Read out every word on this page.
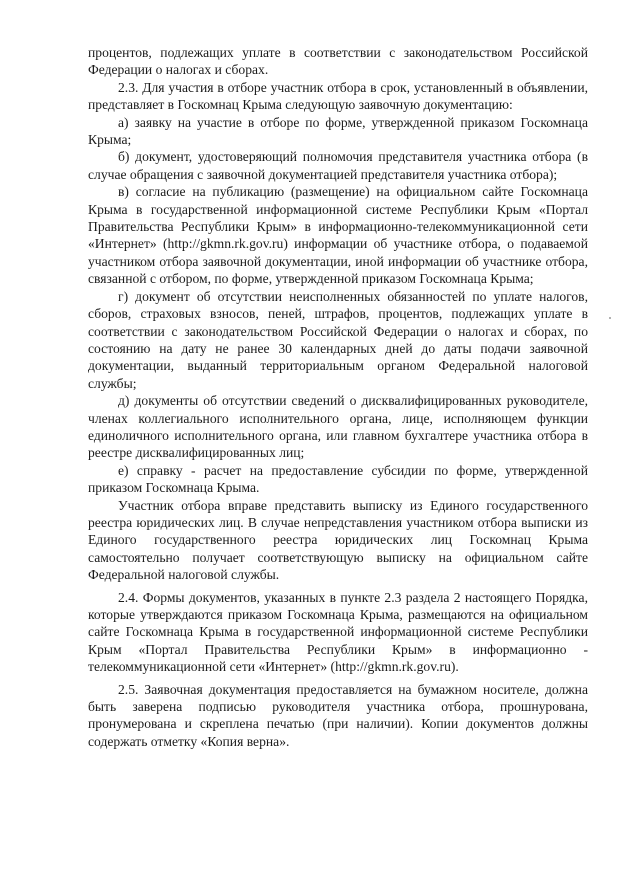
процентов, подлежащих уплате в соответствии с законодательством Российской Федерации о налогах и сборах.

2.3. Для участия в отборе участник отбора в срок, установленный в объявлении, представляет в Госкомнац Крыма следующую заявочную документацию:

а) заявку на участие в отборе по форме, утвержденной приказом Госкомнаца Крыма;

б) документ, удостоверяющий полномочия представителя участника отбора (в случае обращения с заявочной документацией представителя участника отбора);

в) согласие на публикацию (размещение) на официальном сайте Госкомнаца Крыма в государственной информационной системе Республики Крым «Портал Правительства Республики Крым» в информационно-телекоммуникационной сети «Интернет» (http://gkmn.rk.gov.ru) информации об участнике отбора, о подаваемой участником отбора заявочной документации, иной информации об участнике отбора, связанной с отбором, по форме, утвержденной приказом Госкомнаца Крыма;

г) документ об отсутствии неисполненных обязанностей по уплате налогов, сборов, страховых взносов, пеней, штрафов, процентов, подлежащих уплате в соответствии с законодательством Российской Федерации о налогах и сборах, по состоянию на дату не ранее 30 календарных дней до даты подачи заявочной документации, выданный территориальным органом Федеральной налоговой службы;

д) документы об отсутствии сведений о дисквалифицированных руководителе, членах коллегиального исполнительного органа, лице, исполняющем функции единоличного исполнительного органа, или главном бухгалтере участника отбора в реестре дисквалифицированных лиц;

е) справку - расчет на предоставление субсидии по форме, утвержденной приказом Госкомнаца Крыма.

Участник отбора вправе представить выписку из Единого государственного реестра юридических лиц. В случае непредставления участником отбора выписки из Единого государственного реестра юридических лиц Госкомнац Крыма самостоятельно получает соответствующую выписку на официальном сайте Федеральной налоговой службы.

2.4. Формы документов, указанных в пункте 2.3 раздела 2 настоящего Порядка, которые утверждаются приказом Госкомнаца Крыма, размещаются на официальном сайте Госкомнаца Крыма в государственной информационной системе Республики Крым «Портал Правительства Республики Крым» в информационно - телекоммуникационной сети «Интернет» (http://gkmn.rk.gov.ru).

2.5. Заявочная документация предоставляется на бумажном носителе, должна быть заверена подписью руководителя участника отбора, прошнурована, пронумерована и скреплена печатью (при наличии). Копии документов должны содержать отметку «Копия верна».
